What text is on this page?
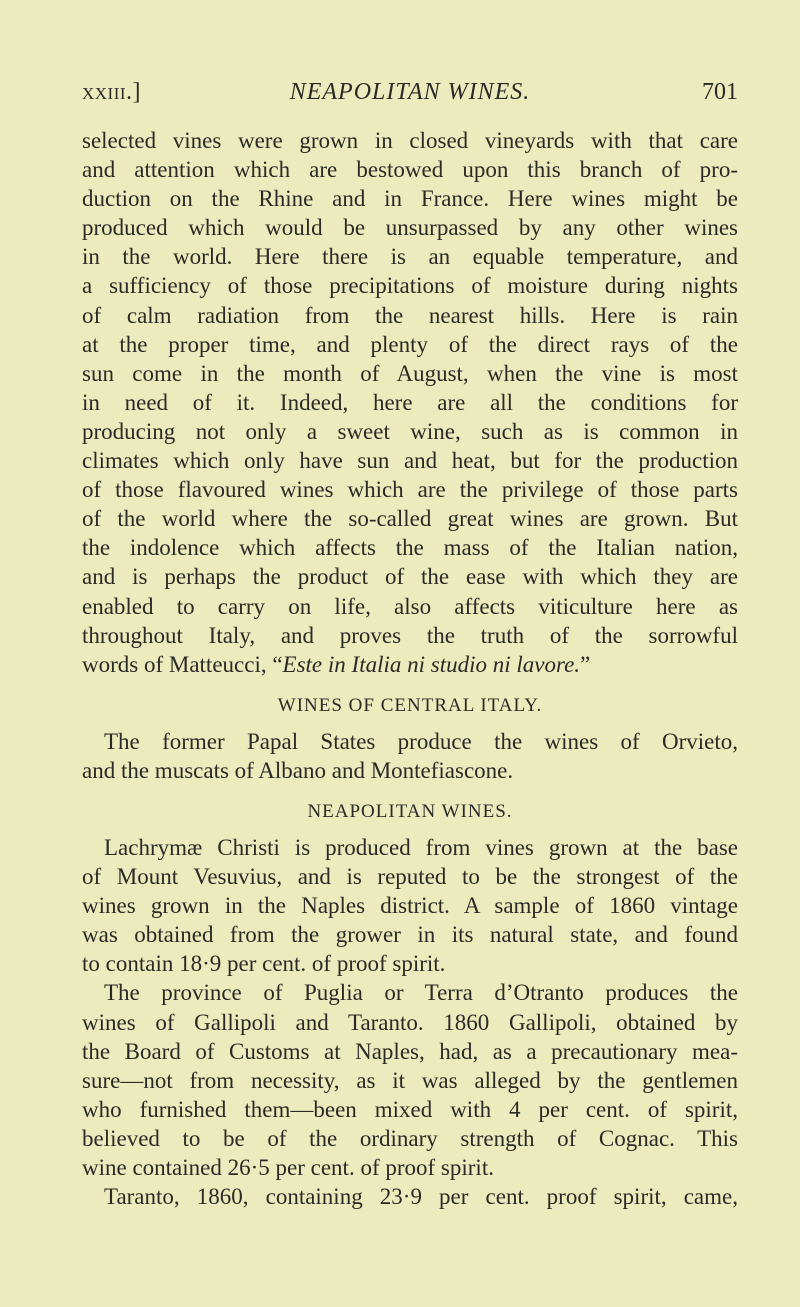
xxiii.]	NEAPOLITAN WINES.	701
selected vines were grown in closed vineyards with that care
and attention which are bestowed upon this branch of pro-
duction on the Rhine and in France. Here wines might be
produced which would be unsurpassed by any other wines
in the world. Here there is an equable temperature, and
a sufficiency of those precipitations of moisture during nights
of calm radiation from the nearest hills. Here is rain
at the proper time, and plenty of the direct rays of the
sun come in the month of August, when the vine is most
in need of it. Indeed, here are all the conditions for
producing not only a sweet wine, such as is common in
climates which only have sun and heat, but for the production
of those flavoured wines which are the privilege of those parts
of the world where the so-called great wines are grown. But
the indolence which affects the mass of the Italian nation,
and is perhaps the product of the ease with which they are
enabled to carry on life, also affects viticulture here as
throughout Italy, and proves the truth of the sorrowful
words of Matteucci, “Este in Italia ni studio ni lavore.”
WINES OF CENTRAL ITALY.
The former Papal States produce the wines of Orvieto,
and the muscats of Albano and Montefiascone.
NEAPOLITAN WINES.
Lachrymæ Christi is produced from vines grown at the base
of Mount Vesuvius, and is reputed to be the strongest of the
wines grown in the Naples district. A sample of 1860 vintage
was obtained from the grower in its natural state, and found
to contain 18·9 per cent. of proof spirit.
The province of Puglia or Terra d’Otranto produces the
wines of Gallipoli and Taranto. 1860 Gallipoli, obtained by
the Board of Customs at Naples, had, as a precautionary mea-
sure—not from necessity, as it was alleged by the gentlemen
who furnished them—been mixed with 4 per cent. of spirit,
believed to be of the ordinary strength of Cognac. This
wine contained 26·5 per cent. of proof spirit.
Taranto, 1860, containing 23·9 per cent. proof spirit, came,
